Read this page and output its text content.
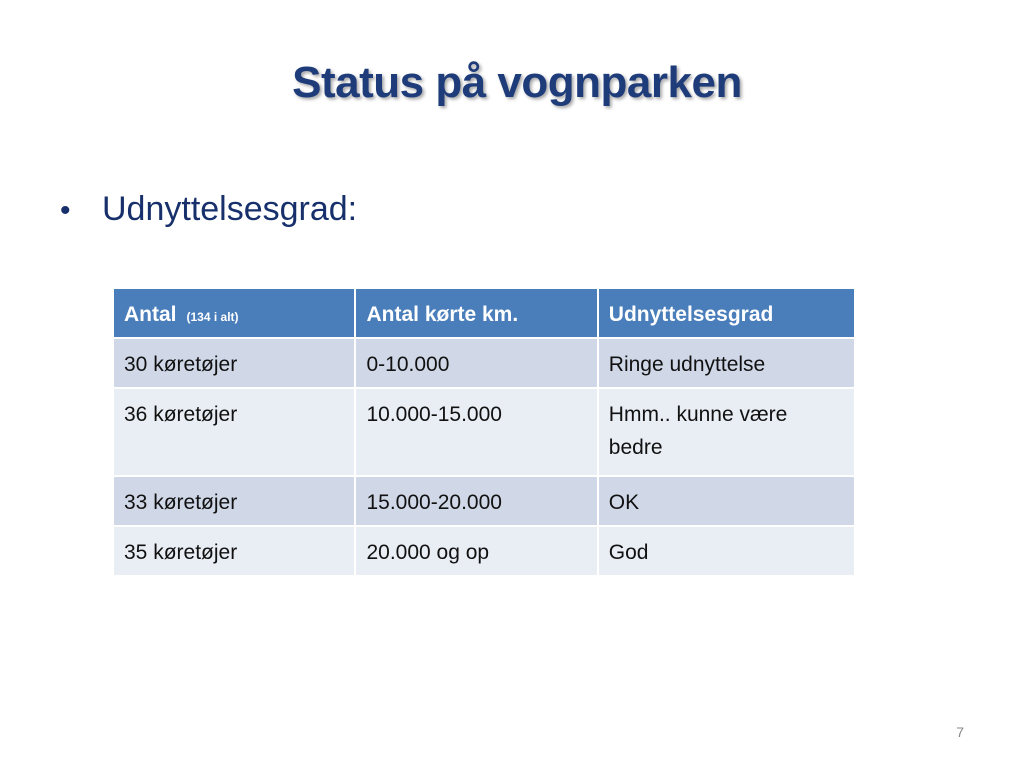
Status på vognparken
• Udnyttelsesgrad:
Antal (134 i alt)	Antal kørte km.	Udnyttelsesgrad
30 køretøjer	0-10.000	Ringe udnyttelse
36 køretøjer	10.000-15.000	Hmm.. kunne være bedre
33 køretøjer	15.000-20.000	OK
35 køretøjer	20.000 og op	God
7
